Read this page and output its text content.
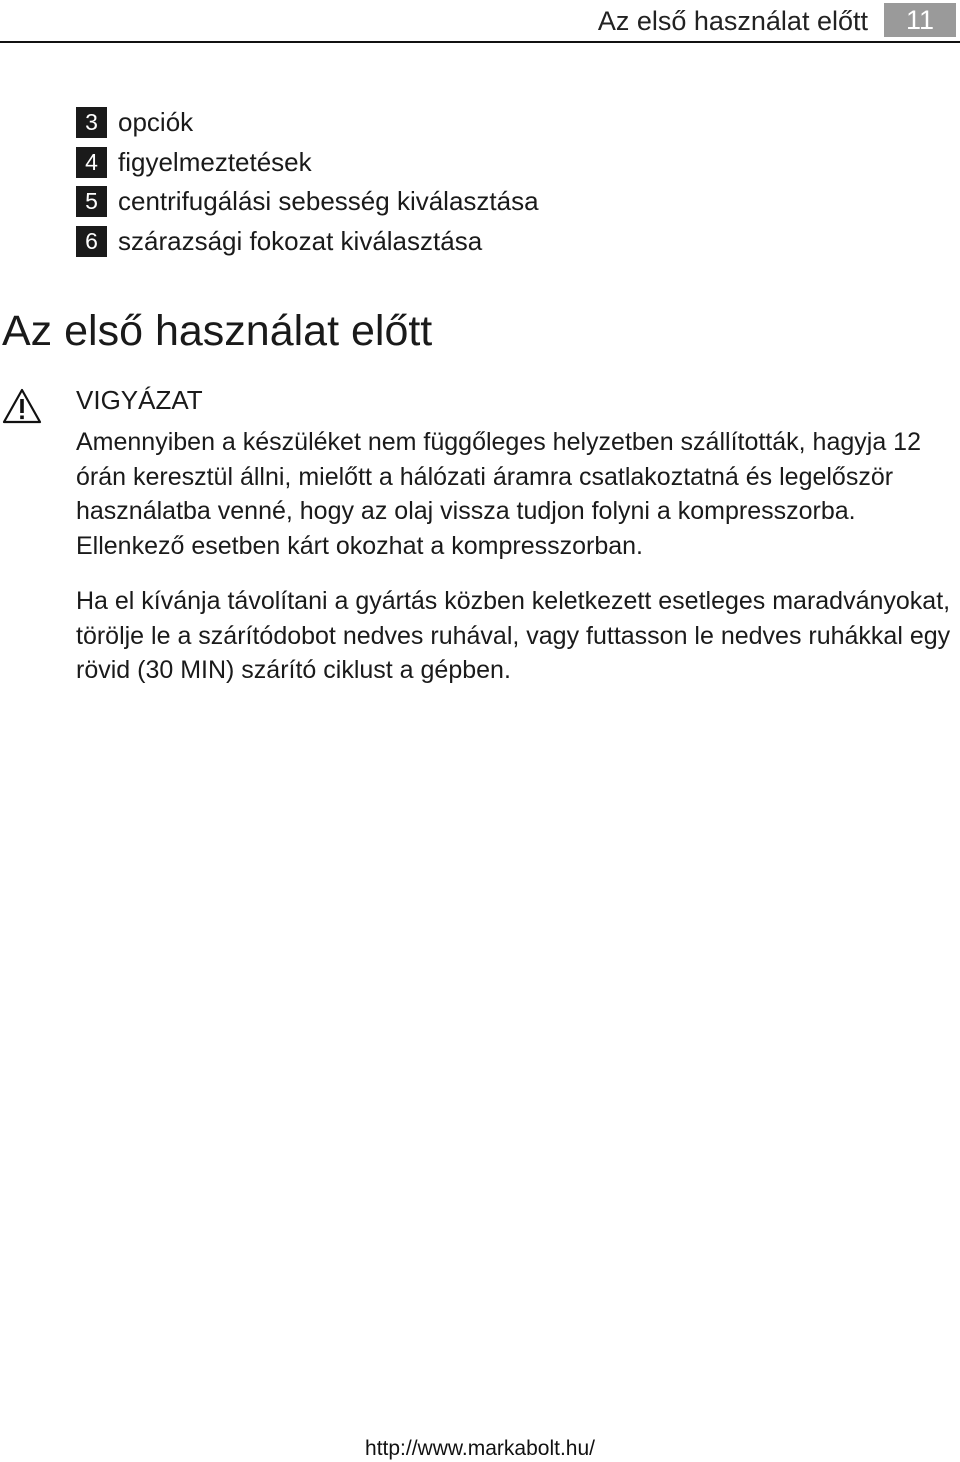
Az első használat előtt	11
3 opciók
4 figyelmeztetések
5 centrifugálási sebesség kiválasztása
6 szárazsági fokozat kiválasztása
Az első használat előtt
VIGYÁZAT

Amennyiben a készüléket nem függőleges helyzetben szállították, hagyja 12 órán keresztül állni, mielőtt a hálózati áramra csatlakoztatná és legelőször használatba venné, hogy az olaj vissza tudjon folyni a kompresszorba. Ellenkező esetben kárt okozhat a kompresszorban.

Ha el kívánja távolítani a gyártás közben keletkezett esetleges maradványokat, törölje le a szárítódobot nedves ruhával, vagy futtasson le nedves ruhákkal egy rövid (30 MIN) szárító ciklust a gépben.

http://www.markabolt.hu/
